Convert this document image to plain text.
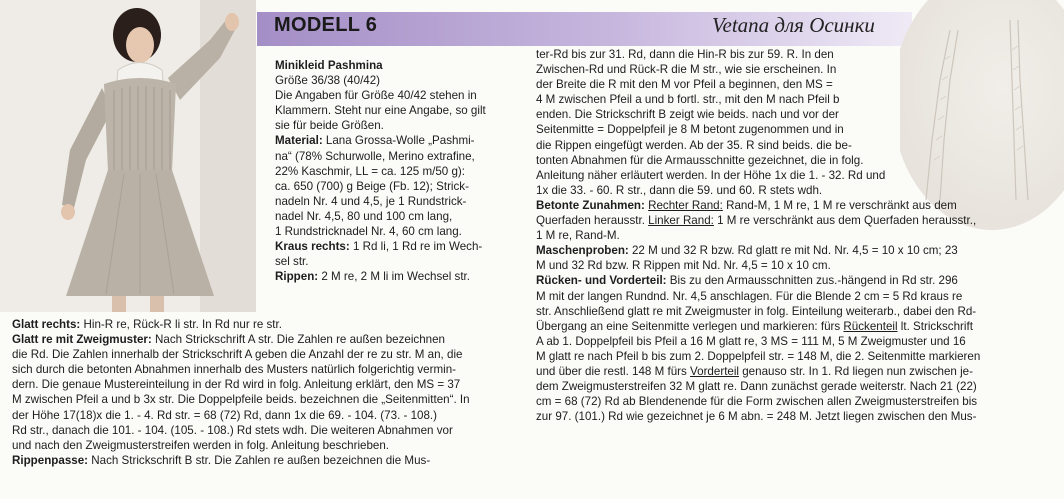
MODELL 6	Vetana для Осинки
Minikleid Pashmina
Größe 36/38 (40/42)
Die Angaben für Größe 40/42 stehen in
Klammern. Steht nur eine Angabe, so gilt
sie für beide Größen.
Material: Lana Grossa-Wolle „Pashmi-
na“ (78% Schurwolle, Merino extrafine,
22% Kaschmir, LL = ca. 125 m/50 g):
ca. 650 (700) g Beige (Fb. 12); Strick-
nadeln Nr. 4 und 4,5, je 1 Rundstrick-
nadel Nr. 4,5, 80 und 100 cm lang,
1 Rundstricknadel Nr. 4, 60 cm lang.
Kraus rechts: 1 Rd li, 1 Rd re im Wech-
sel str.
Rippen: 2 M re, 2 M li im Wechsel str.
ter-Rd bis zur 31. Rd, dann die Hin-R bis zur 59. R. In den
Zwischen-Rd und Rück-R die M str., wie sie erscheinen. In
der Breite die R mit den M vor Pfeil a beginnen, den MS =
4 M zwischen Pfeil a und b fortl. str., mit den M nach Pfeil b
enden. Die Strickschrift B zeigt wie beids. nach und vor der
Seitenmitte = Doppelpfeil je 8 M betont zugenommen und in
die Rippen eingefügt werden. Ab der 35. R sind beids. die be-
tonten Abnahmen für die Armausschnitte gezeichnet, die in folg.
Anleitung näher erläutert werden. In der Höhe 1x die 1. - 32. Rd und
1x die 33. - 60. R str., dann die 59. und 60. R stets wdh.
Betonte Zunahmen: Rechter Rand: Rand-M, 1 M re, 1 M re verschränkt aus dem
Querfaden herausstr. Linker Rand: 1 M re verschränkt aus dem Querfaden herausstr.,
1 M re, Rand-M.
Maschenproben: 22 M und 32 R bzw. Rd glatt re mit Nd. Nr. 4,5 = 10 x 10 cm; 23
M und 32 Rd bzw. R Rippen mit Nd. Nr. 4,5 = 10 x 10 cm.
Rücken- und Vorderteil: Bis zu den Armausschnitten zus.-hängend in Rd str. 296
M mit der langen Rundnd. Nr. 4,5 anschlagen. Für die Blende 2 cm = 5 Rd kraus re
str. Anschließend glatt re mit Zweigmuster in folg. Einteilung weiterarb., dabei den Rd-
Übergang an eine Seitenmitte verlegen und markieren: fürs Rückenteil lt. Strickschrift
A ab 1. Doppelpfeil bis Pfeil a 16 M glatt re, 3 MS = 111 M, 5 M Zweigmuster und 16
M glatt re nach Pfeil b bis zum 2. Doppelpfeil str. = 148 M, die 2. Seitenmitte markieren
und über die restl. 148 M fürs Vorderteil genauso str. In 1. Rd liegen nun zwischen je-
dem Zweigmusterstreifen 32 M glatt re. Dann zunächst gerade weiterstr. Nach 21 (22)
cm = 68 (72) Rd ab Blendenende für die Form zwischen allen Zweigmusterstreifen bis
zur 97. (101.) Rd wie gezeichnet je 6 M abn. = 248 M. Jetzt liegen zwischen den Mus-
Glatt rechts: Hin-R re, Rück-R li str. In Rd nur re str.
Glatt re mit Zweigmuster: Nach Strickschrift A str. Die Zahlen re außen bezeichnen
die Rd. Die Zahlen innerhalb der Strickschrift A geben die Anzahl der re zu str. M an, die
sich durch die betonten Abnahmen innerhalb des Musters natürlich folgerichtig vermin-
dern. Die genaue Mustereinteilung in der Rd wird in folg. Anleitung erklärt, den MS = 37
M zwischen Pfeil a und b 3x str. Die Doppelpfeile beids. bezeichnen die „Seitenmitten“. In
der Höhe 17(18)x die 1. - 4. Rd str. = 68 (72) Rd, dann 1x die 69. - 104. (73. - 108.)
Rd str., danach die 101. - 104. (105. - 108.) Rd stets wdh. Die weiteren Abnahmen vor
und nach den Zweigmusterstreifen werden in folg. Anleitung beschrieben.
Rippenpasse: Nach Strickschrift B str. Die Zahlen re außen bezeichnen die Mus-
